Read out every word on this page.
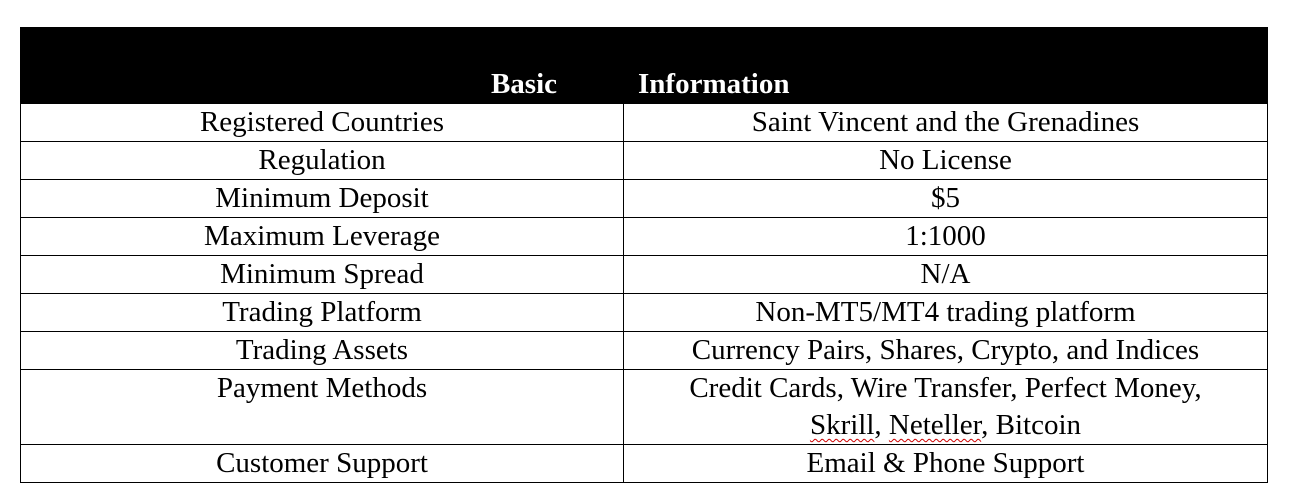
Basic	Information
Registered Countries	Saint Vincent and the Grenadines
Regulation	No License
Minimum Deposit	$5
Maximum Leverage	1:1000
Minimum Spread	N/A
Trading Platform	Non-MT5/MT4 trading platform
Trading Assets	Currency Pairs, Shares, Crypto, and Indices
Payment Methods	Credit Cards, Wire Transfer, Perfect Money,
Skrill, Neteller, Bitcoin

Customer Support	Email & Phone Support
